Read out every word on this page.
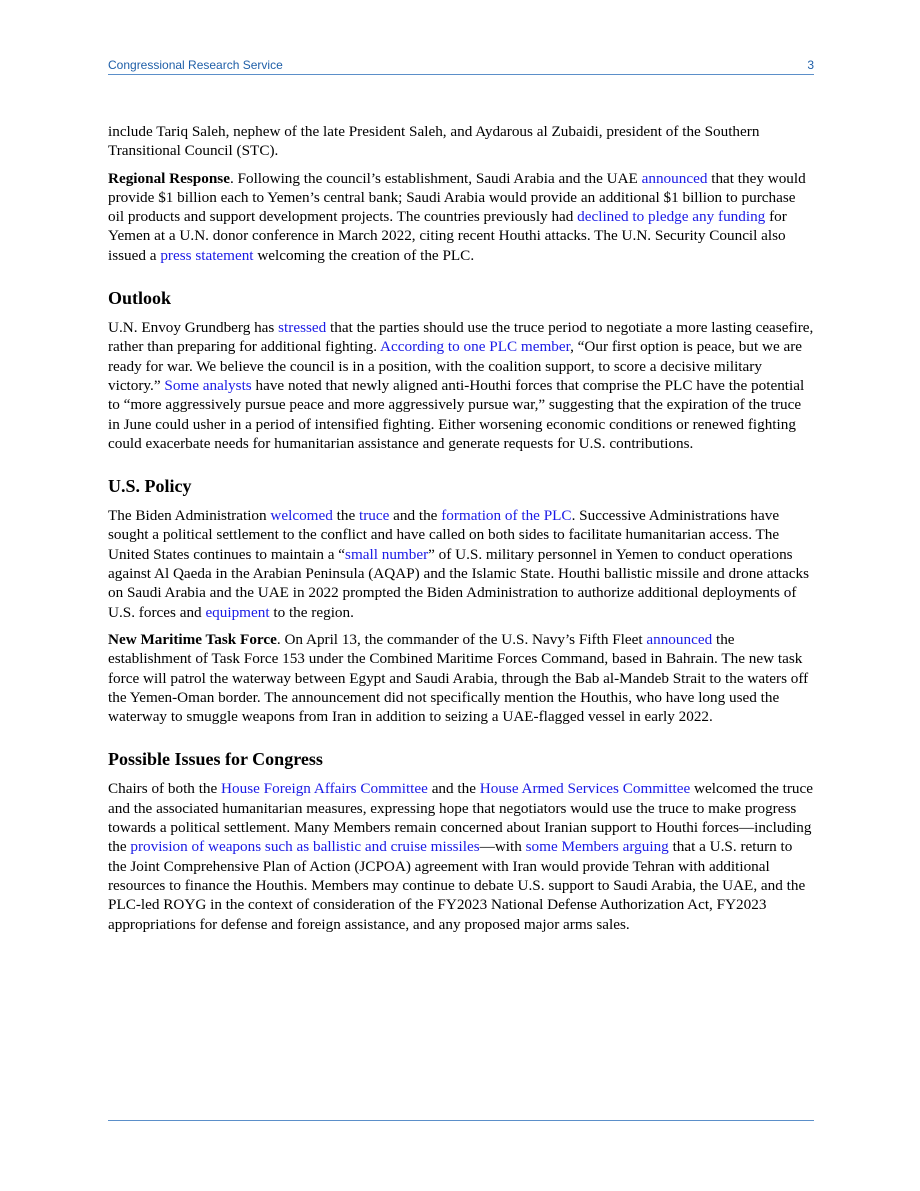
Congressional Research Service	3

include Tariq Saleh, nephew of the late President Saleh, and Aydarous al Zubaidi, president of the Southern Transitional Council (STC).

Regional Response. Following the council’s establishment, Saudi Arabia and the UAE announced that they would provide $1 billion each to Yemen’s central bank; Saudi Arabia would provide an additional $1 billion to purchase oil products and support development projects. The countries previously had declined to pledge any funding for Yemen at a U.N. donor conference in March 2022, citing recent Houthi attacks. The U.N. Security Council also issued a press statement welcoming the creation of the PLC.

Outlook

U.N. Envoy Grundberg has stressed that the parties should use the truce period to negotiate a more lasting ceasefire, rather than preparing for additional fighting. According to one PLC member, “Our first option is peace, but we are ready for war. We believe the council is in a position, with the coalition support, to score a decisive military victory.” Some analysts have noted that newly aligned anti-Houthi forces that comprise the PLC have the potential to “more aggressively pursue peace and more aggressively pursue war,” suggesting that the expiration of the truce in June could usher in a period of intensified fighting. Either worsening economic conditions or renewed fighting could exacerbate needs for humanitarian assistance and generate requests for U.S. contributions.

U.S. Policy

The Biden Administration welcomed the truce and the formation of the PLC. Successive Administrations have sought a political settlement to the conflict and have called on both sides to facilitate humanitarian access. The United States continues to maintain a “small number” of U.S. military personnel in Yemen to conduct operations against Al Qaeda in the Arabian Peninsula (AQAP) and the Islamic State. Houthi ballistic missile and drone attacks on Saudi Arabia and the UAE in 2022 prompted the Biden Administration to authorize additional deployments of U.S. forces and equipment to the region.

New Maritime Task Force. On April 13, the commander of the U.S. Navy’s Fifth Fleet announced the establishment of Task Force 153 under the Combined Maritime Forces Command, based in Bahrain. The new task force will patrol the waterway between Egypt and Saudi Arabia, through the Bab al-Mandeb Strait to the waters off the Yemen-Oman border. The announcement did not specifically mention the Houthis, who have long used the waterway to smuggle weapons from Iran in addition to seizing a UAE-flagged vessel in early 2022.

Possible Issues for Congress

Chairs of both the House Foreign Affairs Committee and the House Armed Services Committee welcomed the truce and the associated humanitarian measures, expressing hope that negotiators would use the truce to make progress towards a political settlement. Many Members remain concerned about Iranian support to Houthi forces—including the provision of weapons such as ballistic and cruise missiles—with some Members arguing that a U.S. return to the Joint Comprehensive Plan of Action (JCPOA) agreement with Iran would provide Tehran with additional resources to finance the Houthis. Members may continue to debate U.S. support to Saudi Arabia, the UAE, and the PLC-led ROYG in the context of consideration of the FY2023 National Defense Authorization Act, FY2023 appropriations for defense and foreign assistance, and any proposed major arms sales.
